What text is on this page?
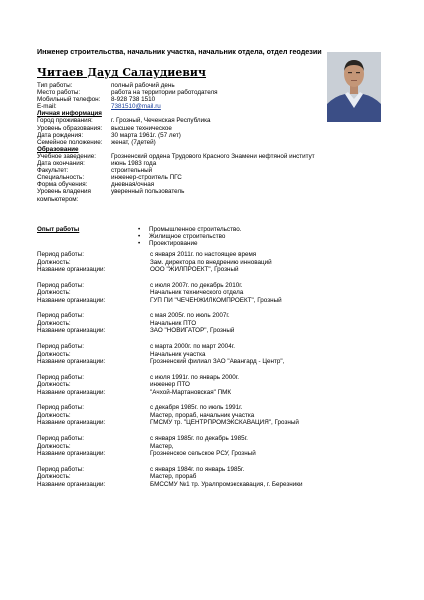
Инженер строительства, начальник участка, начальник отдела, отдел геодезии
Читаев Дауд Салаудиевич
Тип работы:	полный рабочий день
Место работы:	работа на территории работодателя
Мобильный телефон: 8-928 738 1510
E-mail:	7381510@mail.ru
Личная информация
Город проживания:	г. Грозный, Чеченская Республика
Уровень образования: высшее техническое
Дата рождения:	30 марта 1961г. (57 лет)
Семейное положение: женат, (7детей)
Образование
Учебное заведение: Грозненский ордена Трудового Красного Знамени нефтяной институт
Дата окончания:	июнь 1983 года
Факультет:	строительный
Специальность:	инженер-строитель ПГС
Форма обучения:	дневная/очная
Уровень владения	уверенный пользователь
компьютером:
Опыт работы
•	Промышленное строительство.
• Жилищное строительство
• Проектирование
Период работы:	с января 2011г. по настоящее время
Должность:	Зам. директора по внедрению инноваций
Название организации:	ООО "ЖИЛПРОЕКТ", Грозный
Период работы:	с июля 2007г. по декабрь 2010г.
Должность:	Начальник технического отдела
Название организации:	ГУП ПИ "ЧЕЧЕНЖИЛКОМПРОЕКТ", Грозный
Период работы:	с мая 2005г. по июль 2007г.
Должность:	Начальник ПТО
Название организации:	ЗАО "НОВИГАТОР", Грозный
Период работы:	с марта 2000г. по март 2004г.
Должность:	Начальник участка
Название организации:	Грозненский филиал ЗАО "Авангард - Центр",
Период работы:	с июля 1991г. по январь 2000г.
Должность:	инженер ПТО
Название организации:	"Ачхой-Мартановская" ПМК
Период работы:	с декабря 1985г. по июль 1991г.
Должность:	Мастер, прораб, начальник участка
Название организации:	ГМСМУ тр. "ЦЕНТРПРОМЭКСКАВАЦИЯ", Грозный
Период работы:	с января 1985г. по декабрь 1985г.
Должность:	Мастер,
Название организации:	Грозненское сельское РСУ, Грозный
Период работы:	с января 1984г. по январь 1985г.
Должность:	Мастер, прораб
Название организации:	БМССМУ №1 тр. Уралпромэкскавация, г. Березники
